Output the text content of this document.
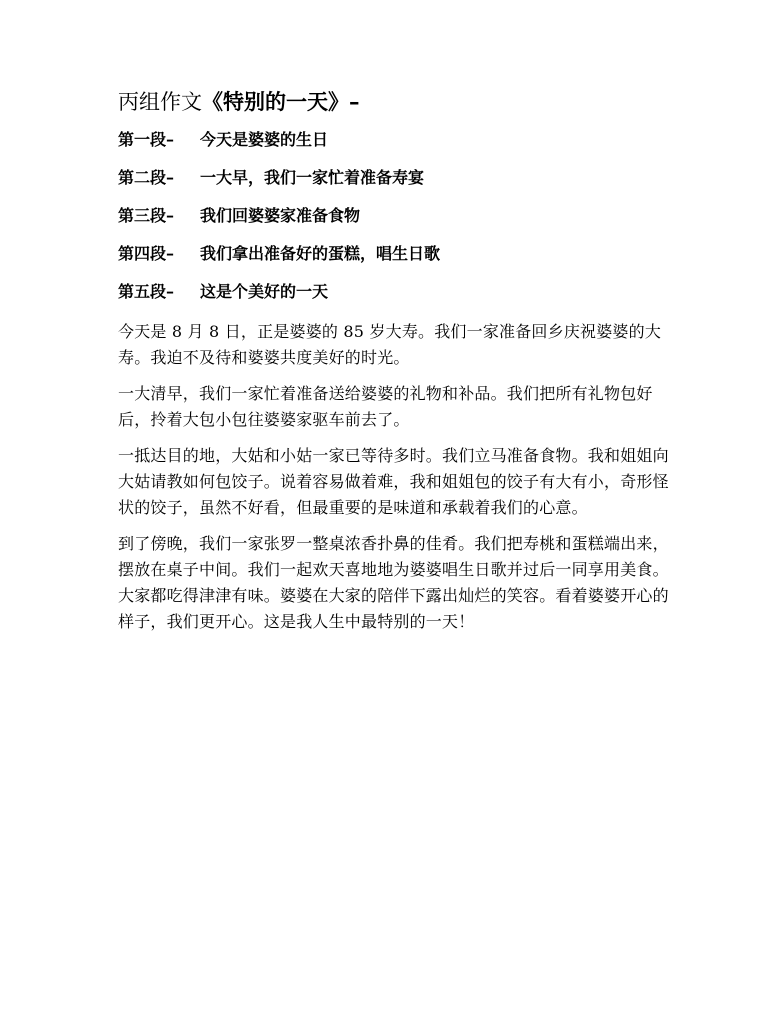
丙组作文《特别的一天》–
第一段– 今天是婆婆的生日
第二段– 一大早，我们一家忙着准备寿宴
第三段– 我们回婆婆家准备食物
第四段– 我们拿出准备好的蛋糕，唱生日歌
第五段– 这是个美好的一天

今天是 8 月 8 日，正是婆婆的 85 岁大寿。我们一家准备回乡庆祝婆婆的大寿。我迫不及待和婆婆共度美好的时光。

一大清早，我们一家忙着准备送给婆婆的礼物和补品。我们把所有礼物包好后，拎着大包小包往婆婆家驱车前去了。

一抵达目的地，大姑和小姑一家已等待多时。我们立马准备食物。我和姐姐向大姑请教如何包饺子。说着容易做着难，我和姐姐包的饺子有大有小，奇形怪状的饺子，虽然不好看，但最重要的是味道和承载着我们的心意。

到了傍晚，我们一家张罗一整桌浓香扑鼻的佳肴。我们把寿桃和蛋糕端出来，摆放在桌子中间。我们一起欢天喜地地为婆婆唱生日歌并过后一同享用美食。大家都吃得津津有味。婆婆在大家的陪伴下露出灿烂的笑容。看着婆婆开心的样子，我们更开心。这是我人生中最特别的一天！
